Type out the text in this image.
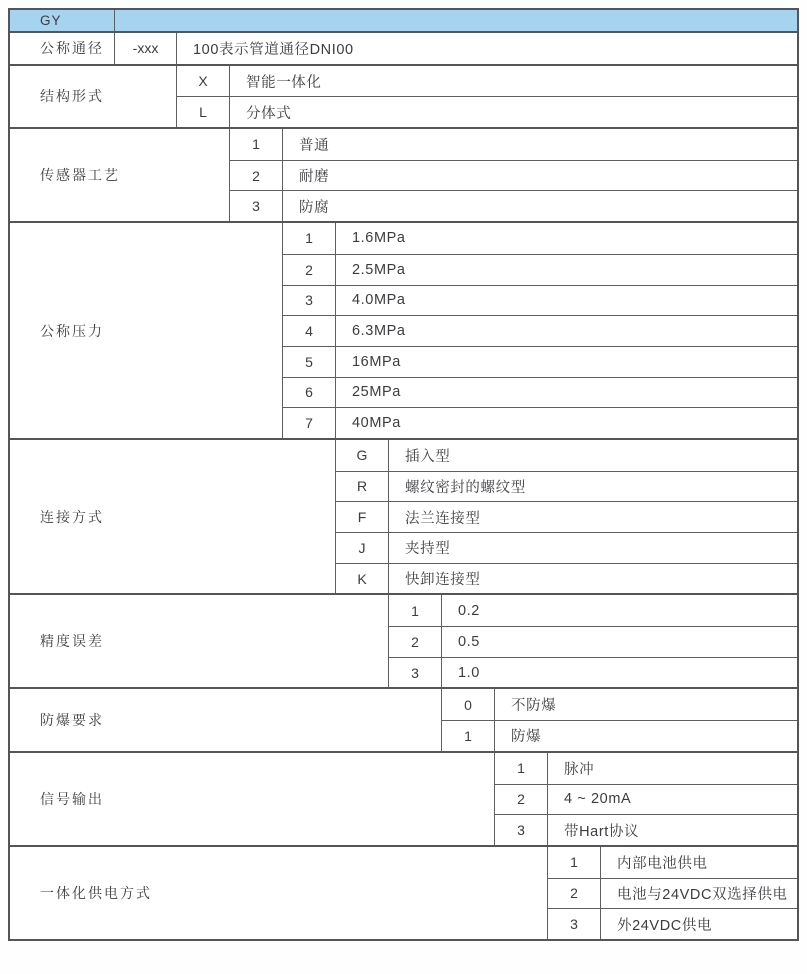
GY
公称通径	-xxx	100表示管道通径DNI00
结构形式
X	智能一体化
L	分体式
传感器工艺
1	普通
2	耐磨
3	防腐
公称压力
1	1.6MPa
2	2.5MPa
3	4.0MPa
4	6.3MPa
5	16MPa
6	25MPa
7	40MPa
连接方式
G	插入型
R	螺纹密封的螺纹型
F	法兰连接型
J	夹持型
K	快卸连接型
精度误差
1	0.2
2	0.5
3	1.0
防爆要求
0	不防爆
1	防爆
信号输出
1	脉冲
2	4 ~ 20mA
3	带Hart协议
一体化供电方式
1	内部电池供电
2	电池与24VDC双选择供电
3	外24VDC供电
